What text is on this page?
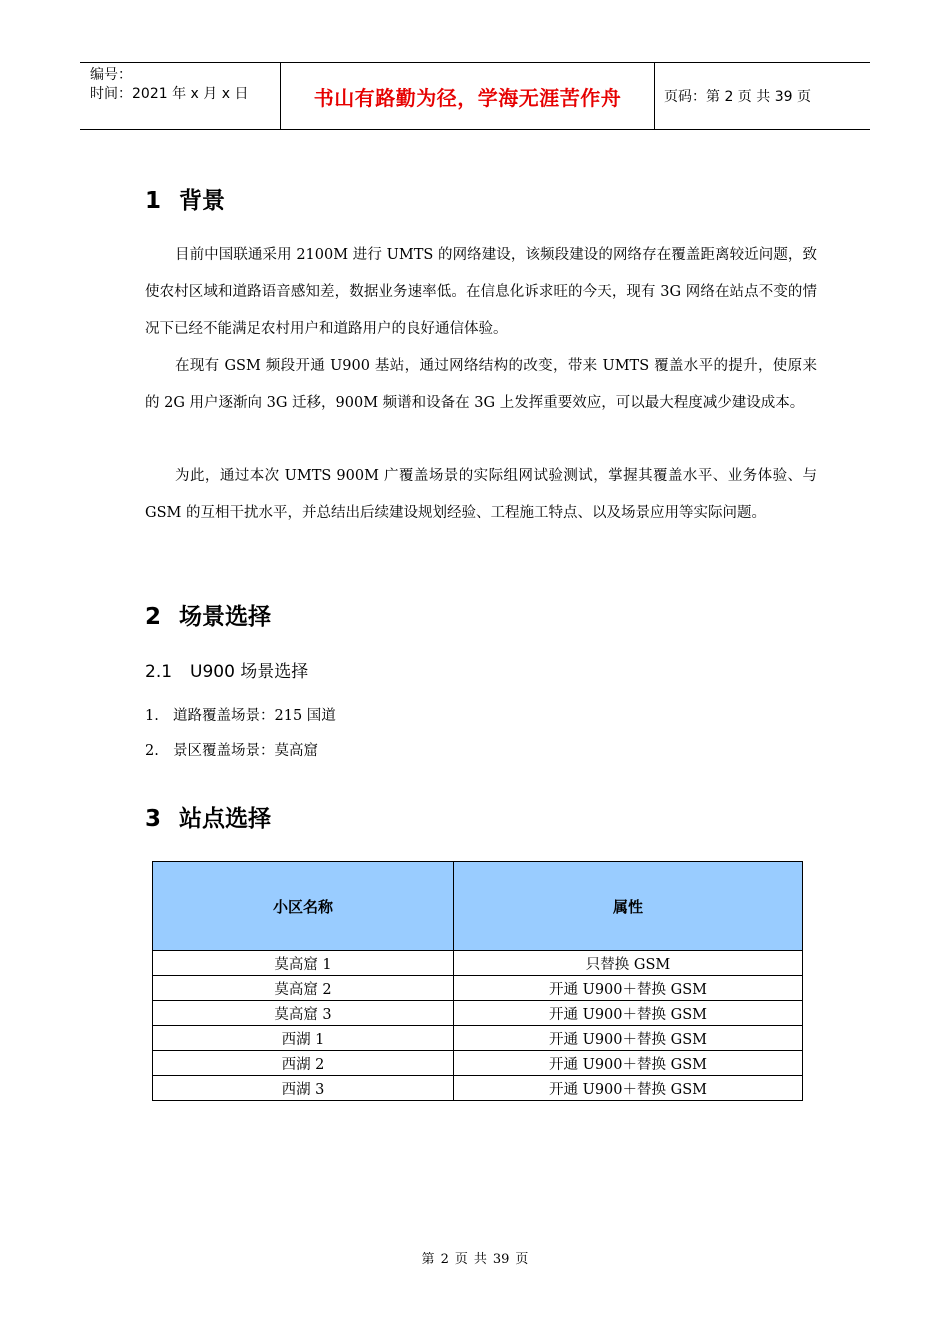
编号：
时间：2021 年 x 月 x 日	书山有路勤为径，学海无涯苦作舟	页码：第 2 页 共 39 页
1 背景

目前中国联通采用 2100M 进行 UMTS 的网络建设，该频段建设的网络存在覆盖距离较近问题，致使农村区域和道路语音感知差，数据业务速率低。在信息化诉求旺的今天，现有 3G 网络在站点不变的情况下已经不能满足农村用户和道路用户的良好通信体验。

在现有 GSM 频段开通 U900 基站，通过网络结构的改变，带来 UMTS 覆盖水平的提升，使原来的 2G 用户逐渐向 3G 迁移，900M 频谱和设备在 3G 上发挥重要效应，可以最大程度减少建设成本。

为此，通过本次 UMTS 900M 广覆盖场景的实际组网试验测试，掌握其覆盖水平、业务体验、与 GSM 的互相干扰水平，并总结出后续建设规划经验、工程施工特点、以及场景应用等实际问题。

2 场景选择
2.1 U900 场景选择

1. 道路覆盖场景：215 国道

2. 景区覆盖场景：莫高窟

3 站点选择
小区名称	属性
莫高窟 1	只替换 GSM
莫高窟 2	开通 U900＋替换 GSM
莫高窟 3	开通 U900＋替换 GSM
西湖 1	开通 U900＋替换 GSM
西湖 2	开通 U900＋替换 GSM
西湖 3	开通 U900＋替换 GSM
第 2 页 共 39 页
